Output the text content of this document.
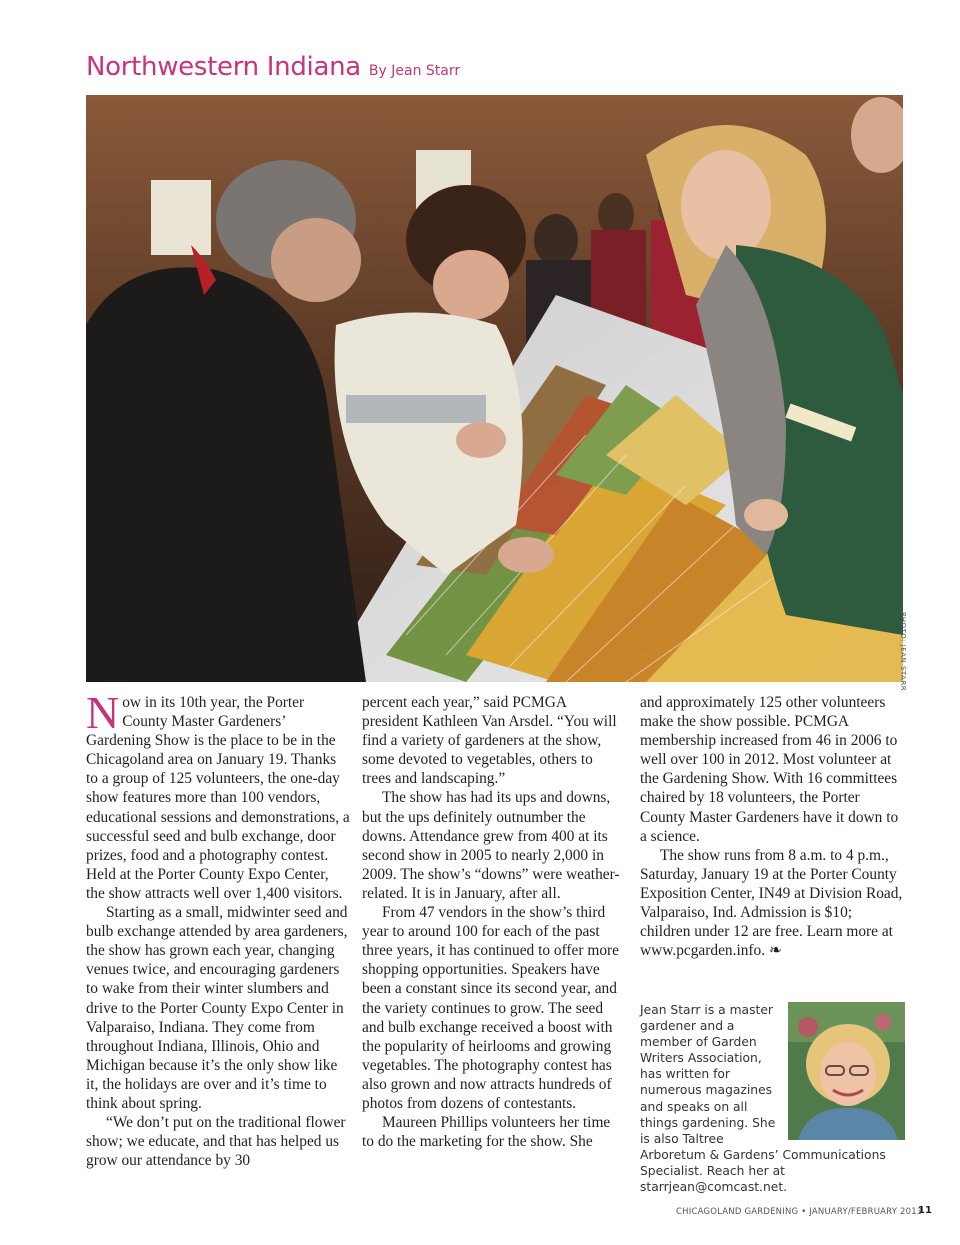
Northwestern Indiana By Jean Starr
PHOTO: JEAN STARR

Now in its 10th year, the Porter County Master Gardeners’ Gardening Show is the place to be in the Chicagoland area on January 19. Thanks to a group of 125 volunteers, the one-day show features more than 100 vendors, educational sessions and demonstrations, a successful seed and bulb exchange, door prizes, food and a photography contest. Held at the Porter County Expo Center, the show attracts well over 1,400 visitors.

Starting as a small, midwinter seed and bulb exchange attended by area gardeners, the show has grown each year, changing venues twice, and encouraging gardeners to wake from their winter slumbers and drive to the Porter County Expo Center in Valparaiso, Indiana. They come from throughout Indiana, Illinois, Ohio and Michigan because it’s the only show like it, the holidays are over and it’s time to think about spring.

“We don’t put on the traditional flower show; we educate, and that has helped us grow our attendance by 30

percent each year,” said PCMGA president Kathleen Van Arsdel. “You will find a variety of gardeners at the show, some devoted to vegetables, others to trees and landscaping.”

The show has had its ups and downs, but the ups definitely outnumber the downs. Attendance grew from 400 at its second show in 2005 to nearly 2,000 in 2009. The show’s “downs” were weather-related. It is in January, after all.

From 47 vendors in the show’s third year to around 100 for each of the past three years, it has continued to offer more shopping opportunities. Speakers have been a constant since its second year, and the variety continues to grow. The seed and bulb exchange received a boost with the popularity of heirlooms and growing vegetables. The photography contest has also grown and now attracts hundreds of photos from dozens of contestants.

Maureen Phillips volunteers her time to do the marketing for the show. She

and approximately 125 other volunteers make the show possible. PCMGA membership increased from 46 in 2006 to well over 100 in 2012. Most volunteer at the Gardening Show. With 16 committees chaired by 18 volunteers, the Porter County Master Gardeners have it down to a science.

The show runs from 8 a.m. to 4 p.m., Saturday, January 19 at the Porter County Exposition Center, IN49 at Division Road, Valparaiso, Ind. Admission is $10; children under 12 are free. Learn more at www.pcgarden.info. ❧

Jean Starr is a master gardener and a member of Garden Writers Association, has written for numerous magazines and speaks on all things gardening. She is also Taltree Arboretum & Gardens’ Communications Specialist. Reach her at starrjean@comcast.net.
CHICAGOLAND GARDENING • JANUARY/FEBRUARY 2013
11
